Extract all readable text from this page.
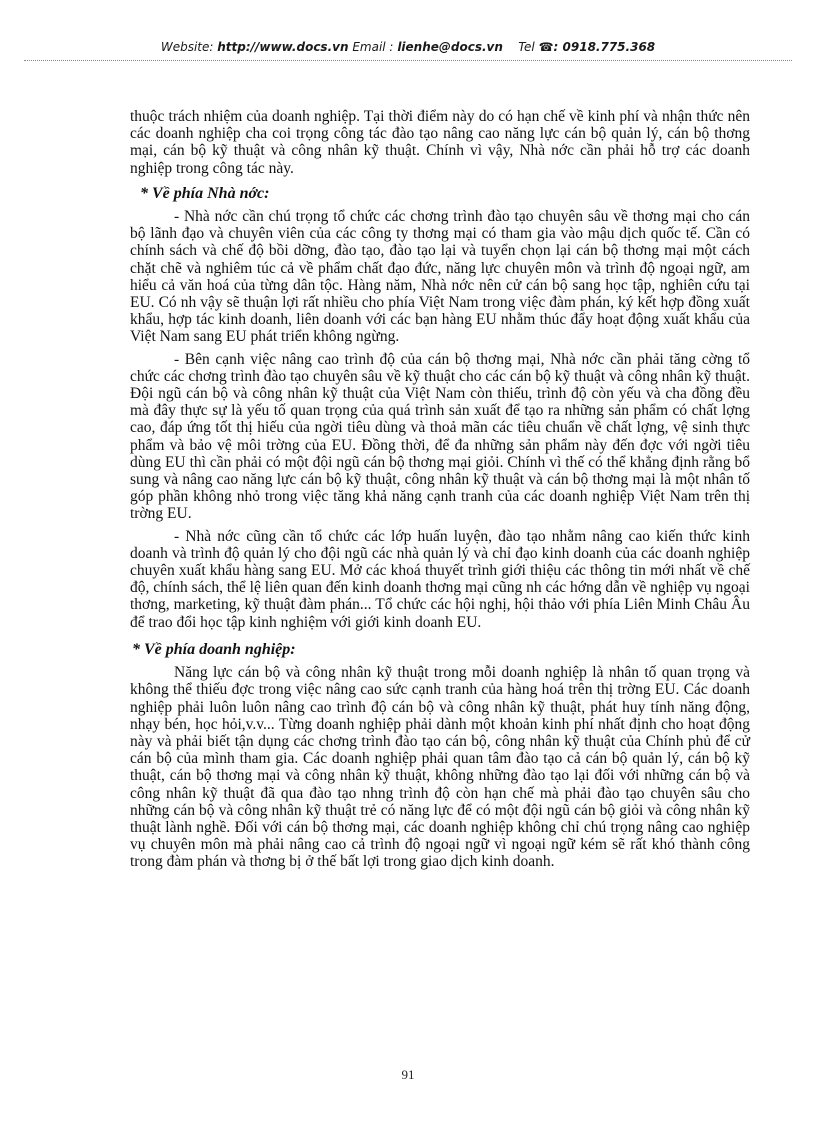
Website: http://www.docs.vn Email : lienhe@docs.vn Tel ☎: 0918.775.368

thuộc trách nhiệm của doanh nghiệp. Tại thời điểm này do có hạn chế về kinh phí và nhận thức nên các doanh nghiệp cha coi trọng công tác đào tạo nâng cao năng lực cán bộ quản lý, cán bộ thơng mại, cán bộ kỹ thuật và công nhân kỹ thuật. Chính vì vậy, Nhà nớc cần phải hỗ trợ các doanh nghiệp trong công tác này.

* Về phía Nhà nớc:

- Nhà nớc cần chú trọng tổ chức các chơng trình đào tạo chuyên sâu về thơng mại cho cán bộ lãnh đạo và chuyên viên của các công ty thơng mại có tham gia vào mậu dịch quốc tế. Cần có chính sách và chế độ bồi dỡng, đào tạo, đào tạo lại và tuyển chọn lại cán bộ thơng mại một cách chặt chẽ và nghiêm túc cả về phẩm chất đạo đức, năng lực chuyên môn và trình độ ngoại ngữ, am hiểu cả văn hoá của từng dân tộc. Hàng năm, Nhà nớc nên cử cán bộ sang học tập, nghiên cứu tại EU. Có nh vậy sẽ thuận lợi rất nhiều cho phía Việt Nam trong việc đàm phán, ký kết hợp đồng xuất khẩu, hợp tác kinh doanh, liên doanh với các bạn hàng EU nhằm thúc đẩy hoạt động xuất khẩu của Việt Nam sang EU phát triển không ngừng.

- Bên cạnh việc nâng cao trình độ của cán bộ thơng mại, Nhà nớc cần phải tăng cờng tổ chức các chơng trình đào tạo chuyên sâu về kỹ thuật cho các cán bộ kỹ thuật và công nhân kỹ thuật. Đội ngũ cán bộ và công nhân kỹ thuật của Việt Nam còn thiếu, trình độ còn yếu và cha đồng đều mà đây thực sự là yếu tố quan trọng của quá trình sản xuất để tạo ra những sản phẩm có chất lợng cao, đáp ứng tốt thị hiếu của ngời tiêu dùng và thoả mãn các tiêu chuẩn về chất lợng, vệ sinh thực phẩm và bảo vệ môi trờng của EU. Đồng thời, để đa những sản phẩm này đến đợc với ngời tiêu dùng EU thì cần phải có một đội ngũ cán bộ thơng mại giỏi. Chính vì thế có thể khẳng định rằng bổ sung và nâng cao năng lực cán bộ kỹ thuật, công nhân kỹ thuật và cán bộ thơng mại là một nhân tố góp phần không nhỏ trong việc tăng khả năng cạnh tranh của các doanh nghiệp Việt Nam trên thị trờng EU.

- Nhà nớc cũng cần tổ chức các lớp huấn luyện, đào tạo nhằm nâng cao kiến thức kinh doanh và trình độ quản lý cho đội ngũ các nhà quản lý và chỉ đạo kinh doanh của các doanh nghiệp chuyên xuất khẩu hàng sang EU. Mở các khoá thuyết trình giới thiệu các thông tin mới nhất về chế độ, chính sách, thể lệ liên quan đến kinh doanh thơng mại cũng nh các hớng dẫn về nghiệp vụ ngoại thơng, marketing, kỹ thuật đàm phán... Tổ chức các hội nghị, hội thảo với phía Liên Minh Châu Âu để trao đổi học tập kinh nghiệm với giới kinh doanh EU.

* Về phía doanh nghiệp:

Năng lực cán bộ và công nhân kỹ thuật trong mỗi doanh nghiệp là nhân tố quan trọng và không thể thiếu đợc trong việc nâng cao sức cạnh tranh của hàng hoá trên thị trờng EU. Các doanh nghiệp phải luôn luôn nâng cao trình độ cán bộ và công nhân kỹ thuật, phát huy tính năng động, nhạy bén, học hỏi,v.v... Từng doanh nghiệp phải dành một khoản kinh phí nhất định cho hoạt động này và phải biết tận dụng các chơng trình đào tạo cán bộ, công nhân kỹ thuật của Chính phủ để cử cán bộ của mình tham gia. Các doanh nghiệp phải quan tâm đào tạo cả cán bộ quản lý, cán bộ kỹ thuật, cán bộ thơng mại và công nhân kỹ thuật, không những đào tạo lại đối với những cán bộ và công nhân kỹ thuật đã qua đào tạo nhng trình độ còn hạn chế mà phải đào tạo chuyên sâu cho những cán bộ và công nhân kỹ thuật trẻ có năng lực để có một đội ngũ cán bộ giỏi và công nhân kỹ thuật lành nghề. Đối với cán bộ thơng mại, các doanh nghiệp không chỉ chú trọng nâng cao nghiệp vụ chuyên môn mà phải nâng cao cả trình độ ngoại ngữ vì ngoại ngữ kém sẽ rất khó thành công trong đàm phán và thơng bị ở thế bất lợi trong giao dịch kinh doanh.

91
